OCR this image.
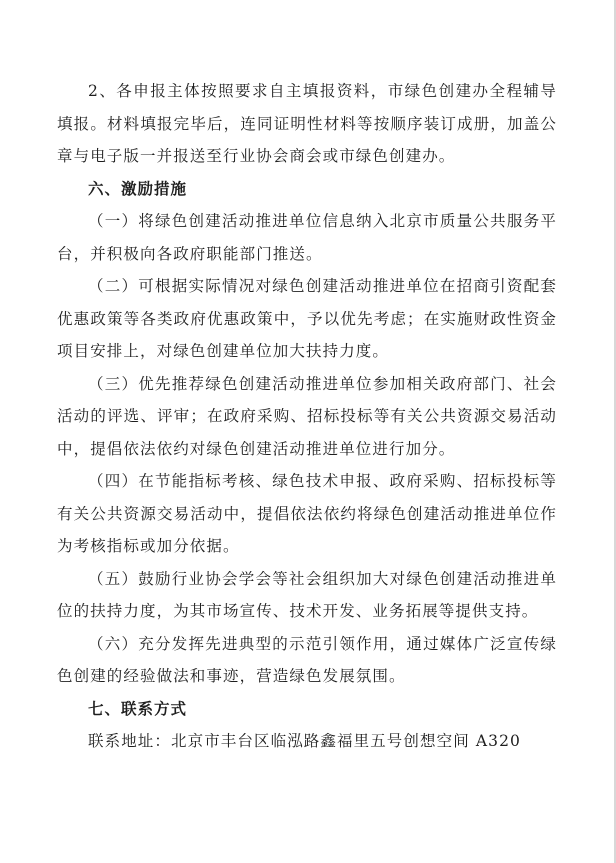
2、各申报主体按照要求自主填报资料，市绿色创建办全程辅导填报。材料填报完毕后，连同证明性材料等按顺序装订成册，加盖公章与电子版一并报送至行业协会商会或市绿色创建办。

六、激励措施

（一）将绿色创建活动推进单位信息纳入北京市质量公共服务平台，并积极向各政府职能部门推送。

（二）可根据实际情况对绿色创建活动推进单位在招商引资配套优惠政策等各类政府优惠政策中，予以优先考虑；在实施财政性资金项目安排上，对绿色创建单位加大扶持力度。

（三）优先推荐绿色创建活动推进单位参加相关政府部门、社会活动的评选、评审；在政府采购、招标投标等有关公共资源交易活动中，提倡依法依约对绿色创建活动推进单位进行加分。

（四）在节能指标考核、绿色技术申报、政府采购、招标投标等有关公共资源交易活动中，提倡依法依约将绿色创建活动推进单位作为考核指标或加分依据。

（五）鼓励行业协会学会等社会组织加大对绿色创建活动推进单位的扶持力度，为其市场宣传、技术开发、业务拓展等提供支持。

（六）充分发挥先进典型的示范引领作用，通过媒体广泛宣传绿色创建的经验做法和事迹，营造绿色发展氛围。

七、联系方式

联系地址：北京市丰台区临泓路鑫福里五号创想空间 A320
